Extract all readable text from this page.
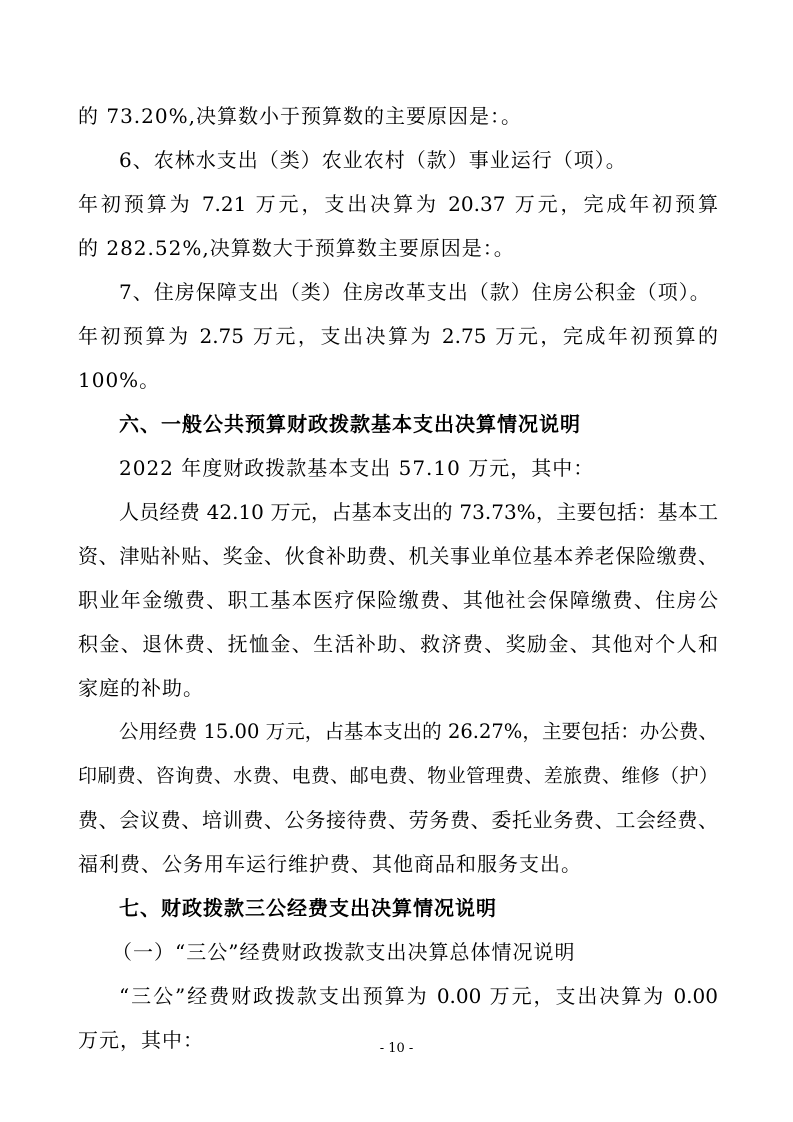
的 73.20%,决算数小于预算数的主要原因是：。
6、农林水支出（类）农业农村（款）事业运行（项）。
年初预算为 7.21 万元，支出决算为 20.37 万元，完成年初预算
的 282.52%,决算数大于预算数主要原因是：。
7、住房保障支出（类）住房改革支出（款）住房公积金（项）。
年初预算为 2.75 万元，支出决算为 2.75 万元，完成年初预算的
100%。
六、一般公共预算财政拨款基本支出决算情况说明
2022 年度财政拨款基本支出 57.10 万元，其中：
人员经费 42.10 万元，占基本支出的 73.73%，主要包括：基本工
资、津贴补贴、奖金、伙食补助费、机关事业单位基本养老保险缴费、
职业年金缴费、职工基本医疗保险缴费、其他社会保障缴费、住房公
积金、退休费、抚恤金、生活补助、救济费、奖励金、其他对个人和
家庭的补助。
公用经费 15.00 万元，占基本支出的 26.27%，主要包括：办公费、
印刷费、咨询费、水费、电费、邮电费、物业管理费、差旅费、维修（护）
费、会议费、培训费、公务接待费、劳务费、委托业务费、工会经费、
福利费、公务用车运行维护费、其他商品和服务支出。
七、财政拨款三公经费支出决算情况说明
（一）“三公”经费财政拨款支出决算总体情况说明
“三公”经费财政拨款支出预算为 0.00 万元，支出决算为 0.00
万元，其中：	- 10 -
